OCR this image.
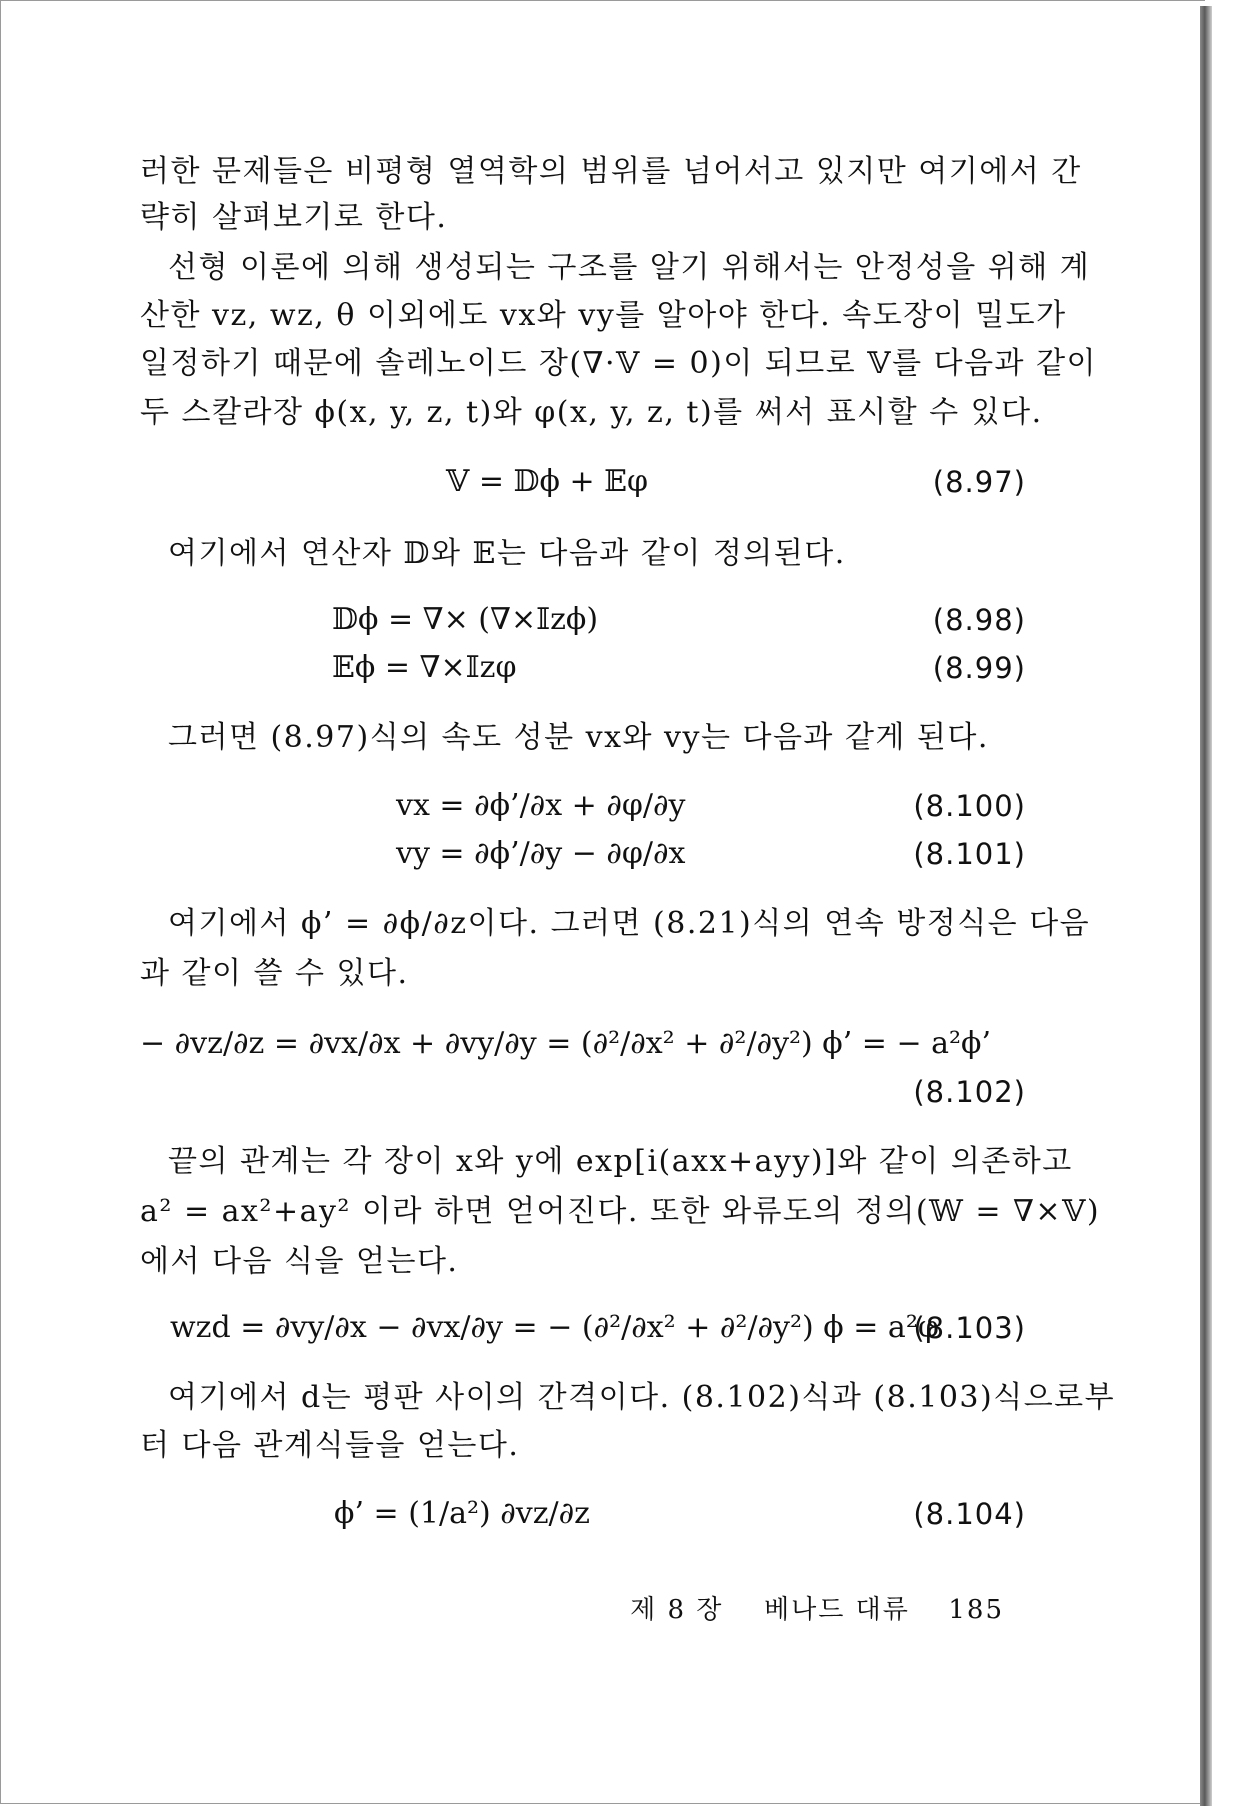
러한 문제들은 비평형 열역학의 범위를 넘어서고 있지만 여기에서 간
략히 살펴보기로 한다.
선형 이론에 의해 생성되는 구조를 알기 위해서는 안정성을 위해 계
산한 vz, wz, θ 이외에도 vx와 vy를 알아야 한다. 속도장이 밀도가
일정하기 때문에 솔레노이드 장(∇·𝕍 = 0)이 되므로 𝕍를 다음과 같이
두 스칼라장 ϕ(x, y, z, t)와 φ(x, y, z, t)를 써서 표시할 수 있다.
𝕍 = 𝔻ϕ + 𝔼φ	(8.97)
여기에서 연산자 𝔻와 𝔼는 다음과 같이 정의된다.
𝔻ϕ = ∇× (∇×𝕀zϕ)	(8.98)
𝔼ϕ = ∇×𝕀zφ	(8.99)
그러면 (8.97)식의 속도 성분 vx와 vy는 다음과 같게 된다.
vx = ∂ϕ’/∂x + ∂φ/∂y	(8.100)
vy = ∂ϕ’/∂y − ∂φ/∂x	(8.101)
여기에서 ϕ’ = ∂ϕ/∂z이다. 그러면 (8.21)식의 연속 방정식은 다음
과 같이 쓸 수 있다.
− ∂vz/∂z = ∂vx/∂x + ∂vy/∂y = (∂²/∂x² + ∂²/∂y²) ϕ’ = − a²ϕ’
(8.102)
끝의 관계는 각 장이 x와 y에 exp[i(axx+ayy)]와 같이 의존하고
a² = ax²+ay² 이라 하면 얻어진다. 또한 와류도의 정의(𝕎 = ∇×𝕍)
에서 다음 식을 얻는다.
wzd = ∂vy/∂x − ∂vx/∂y = − (∂²/∂x² + ∂²/∂y²) ϕ = a²φ
(8.103)
여기에서 d는 평판 사이의 간격이다. (8.102)식과 (8.103)식으로부
터 다음 관계식들을 얻는다.
ϕ’ = (1/a²) ∂vz/∂z	(8.104)
제 8 장 베나드 대류 185
